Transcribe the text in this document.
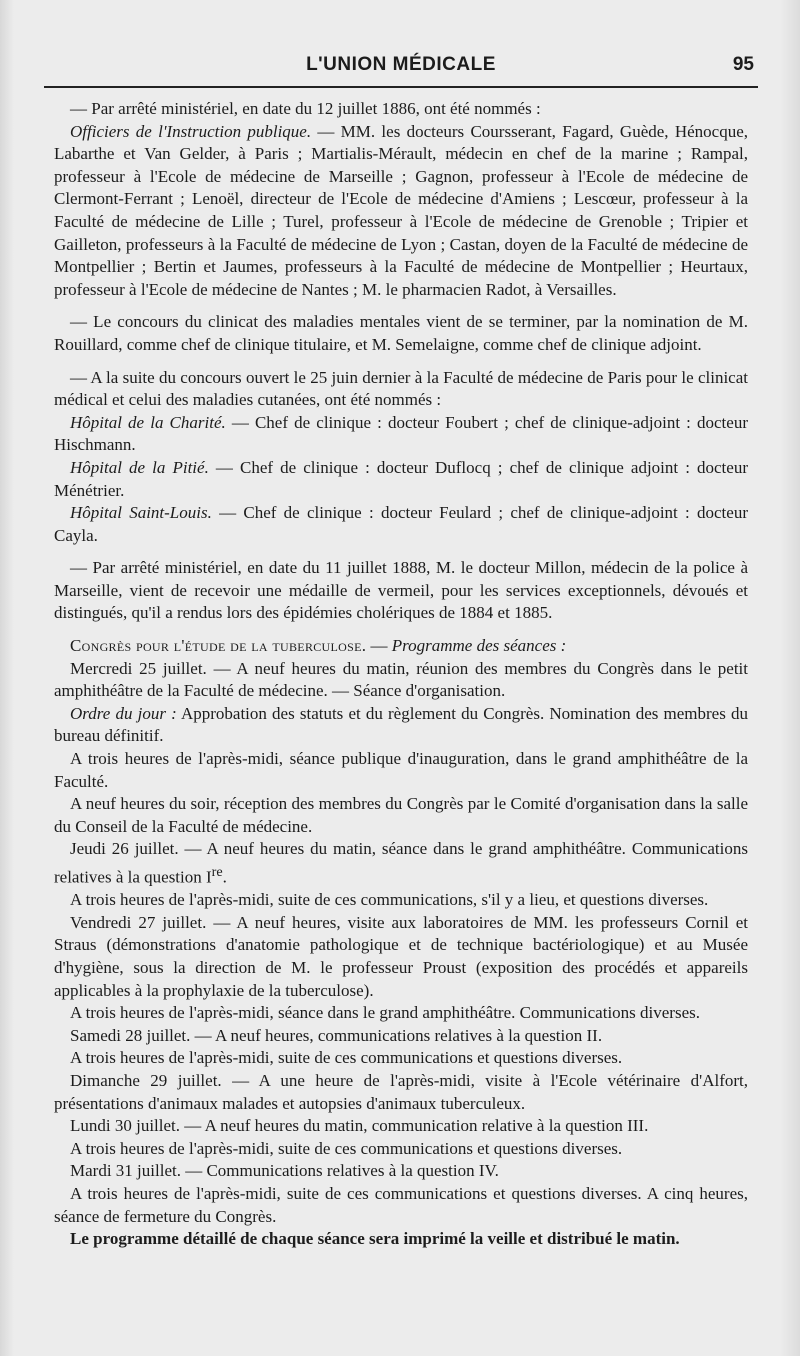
L'UNION MÉDICALE	95

— Par arrêté ministériel, en date du 12 juillet 1886, ont été nommés :

Officiers de l'Instruction publique. — MM. les docteurs Coursserant, Fagard, Guède, Hénocque, Labarthe et Van Gelder, à Paris ; Martialis-Mérault, médecin en chef de la marine ; Rampal, professeur à l'Ecole de médecine de Marseille ; Gagnon, professeur à l'Ecole de médecine de Clermont-Ferrant ; Lenoël, directeur de l'Ecole de médecine d'Amiens ; Lescœur, professeur à la Faculté de médecine de Lille ; Turel, professeur à l'Ecole de médecine de Grenoble ; Tripier et Gailleton, professeurs à la Faculté de médecine de Lyon ; Castan, doyen de la Faculté de médecine de Montpellier ; Bertin et Jaumes, professeurs à la Faculté de médecine de Montpellier ; Heurtaux, professeur à l'Ecole de médecine de Nantes ; M. le pharmacien Radot, à Versailles.

— Le concours du clinicat des maladies mentales vient de se terminer, par la nomination de M. Rouillard, comme chef de clinique titulaire, et M. Semelaigne, comme chef de clinique adjoint.

— A la suite du concours ouvert le 25 juin dernier à la Faculté de médecine de Paris pour le clinicat médical et celui des maladies cutanées, ont été nommés :

Hôpital de la Charité. — Chef de clinique : docteur Foubert ; chef de clinique-adjoint : docteur Hischmann.

Hôpital de la Pitié. — Chef de clinique : docteur Duflocq ; chef de clinique adjoint : docteur Ménétrier.

Hôpital Saint-Louis. — Chef de clinique : docteur Feulard ; chef de clinique-adjoint : docteur Cayla.

— Par arrêté ministériel, en date du 11 juillet 1888, M. le docteur Millon, médecin de la police à Marseille, vient de recevoir une médaille de vermeil, pour les services exceptionnels, dévoués et distingués, qu'il a rendus lors des épidémies cholériques de 1884 et 1885.

Congrès pour l'étude de la tuberculose. — Programme des séances :

Mercredi 25 juillet. — A neuf heures du matin, réunion des membres du Congrès dans le petit amphithéâtre de la Faculté de médecine. — Séance d'organisation.

Ordre du jour : Approbation des statuts et du règlement du Congrès. Nomination des membres du bureau définitif.

A trois heures de l'après-midi, séance publique d'inauguration, dans le grand amphithéâtre de la Faculté.

A neuf heures du soir, réception des membres du Congrès par le Comité d'organisation dans la salle du Conseil de la Faculté de médecine.

Jeudi 26 juillet. — A neuf heures du matin, séance dans le grand amphithéâtre. Communications relatives à la question Ire.

A trois heures de l'après-midi, suite de ces communications, s'il y a lieu, et questions diverses.

Vendredi 27 juillet. — A neuf heures, visite aux laboratoires de MM. les professeurs Cornil et Straus (démonstrations d'anatomie pathologique et de technique bactériologique) et au Musée d'hygiène, sous la direction de M. le professeur Proust (exposition des procédés et appareils applicables à la prophylaxie de la tuberculose).

A trois heures de l'après-midi, séance dans le grand amphithéâtre. Communications diverses.

Samedi 28 juillet. — A neuf heures, communications relatives à la question II.

A trois heures de l'après-midi, suite de ces communications et questions diverses.

Dimanche 29 juillet. — A une heure de l'après-midi, visite à l'Ecole vétérinaire d'Alfort, présentations d'animaux malades et autopsies d'animaux tuberculeux.

Lundi 30 juillet. — A neuf heures du matin, communication relative à la question III.

A trois heures de l'après-midi, suite de ces communications et questions diverses.

Mardi 31 juillet. — Communications relatives à la question IV.

A trois heures de l'après-midi, suite de ces communications et questions diverses. A cinq heures, séance de fermeture du Congrès.

Le programme détaillé de chaque séance sera imprimé la veille et distribué le matin.
